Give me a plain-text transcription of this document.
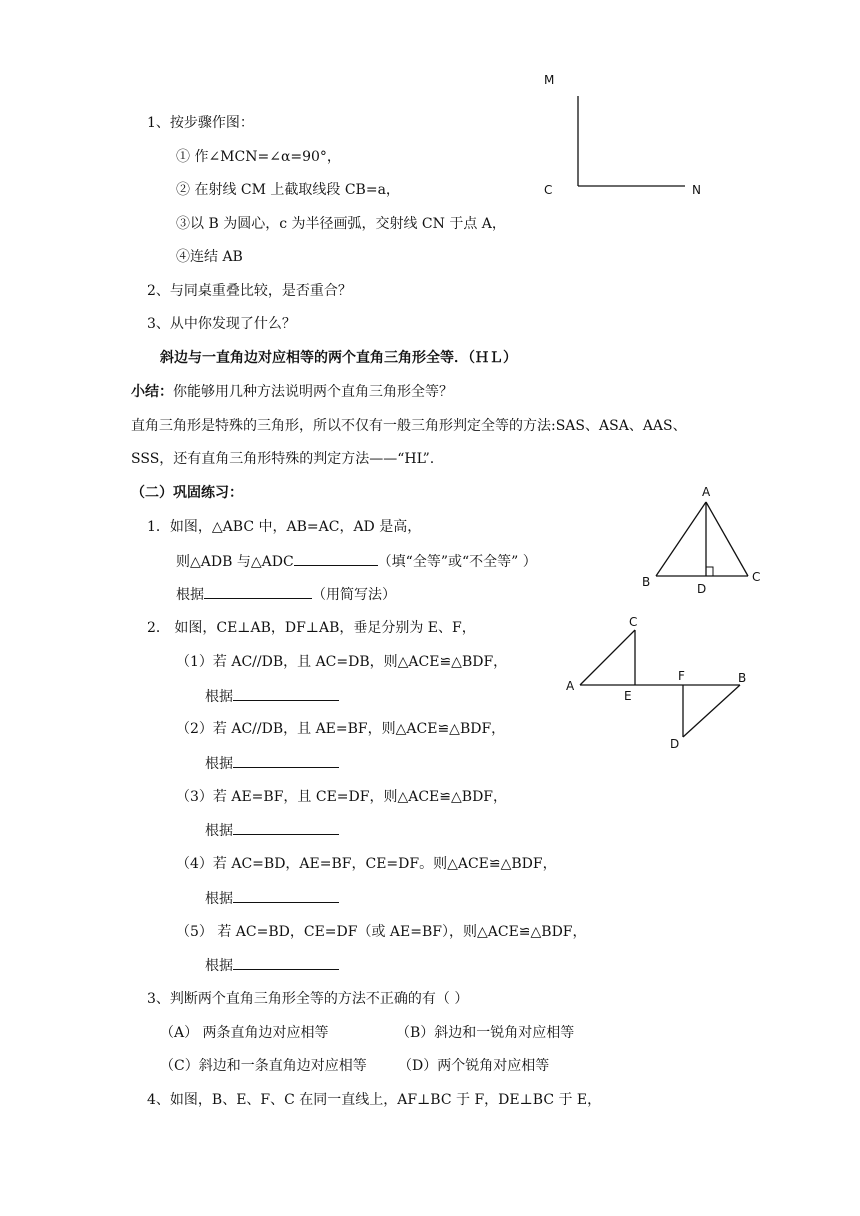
M
C	N
1、按步骤作图：
① 作∠MCN=∠α=90°，
② 在射线 CM 上截取线段 CB=a，
③以 B 为圆心，c 为半径画弧，交射线 CN 于点 A，
④连结 AB
2、与同桌重叠比较，是否重合？
3、从中你发现了什么？
斜边与一直角边对应相等的两个直角三角形全等．（ＨＬ）
小结：你能够用几种方法说明两个直角三角形全等？
直角三角形是特殊的三角形，所以不仅有一般三角形判定全等的方法:SAS、ASA、AAS、
SSS，还有直角三角形特殊的判定方法——“HL”.
（二）巩固练习：	A
B	C
D
1．如图，△ABC 中，AB=AC，AD 是高，
则△ADB 与△ADC	（填“全等”或“不全等” ）
根据	（用简写法）
C
A
E
F	B
D
2． 如图，CE⊥AB，DF⊥AB，垂足分别为 E、F，
（1）若 AC//DB，且 AC=DB，则△ACE≌△BDF，
根据
（2）若 AC//DB，且 AE=BF，则△ACE≌△BDF，
根据
（3）若 AE=BF，且 CE=DF，则△ACE≌△BDF，
根据
（4）若 AC=BD，AE=BF，CE=DF。则△ACE≌△BDF，
根据
（5） 若 AC=BD，CE=DF（或 AE=BF），则△ACE≌△BDF，
根据
3、判断两个直角三角形全等的方法不正确的有（ ）
（A） 两条直角边对应相等	（B）斜边和一锐角对应相等
（C）斜边和一条直角边对应相等 （D）两个锐角对应相等
4、如图，B、E、F、C 在同一直线上，AF⊥BC 于 F，DE⊥BC 于 E，
